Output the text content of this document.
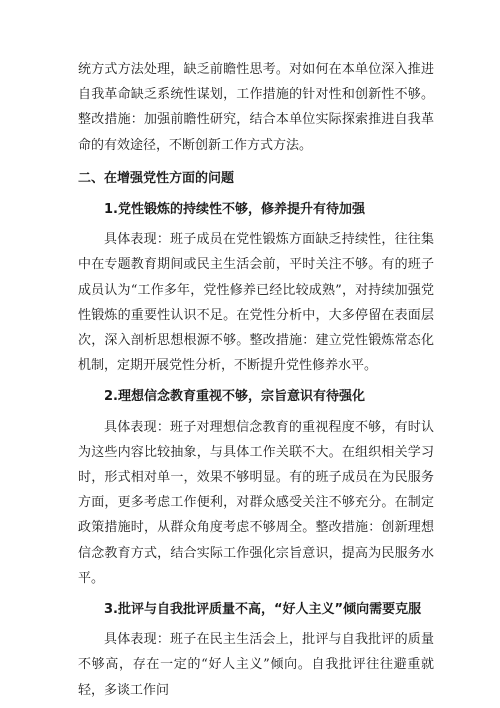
统方式方法处理，缺乏前瞻性思考。对如何在本单位深入推进自我革命缺乏系统性谋划，工作措施的针对性和创新性不够。整改措施：加强前瞻性研究，结合本单位实际探索推进自我革命的有效途径，不断创新工作方式方法。

二、在增强党性方面的问题
1.党性锻炼的持续性不够，修养提升有待加强

具体表现：班子成员在党性锻炼方面缺乏持续性，往往集中在专题教育期间或民主生活会前，平时关注不够。有的班子成员认为“工作多年，党性修养已经比较成熟”，对持续加强党性锻炼的重要性认识不足。在党性分析中，大多停留在表面层次，深入剖析思想根源不够。整改措施：建立党性锻炼常态化机制，定期开展党性分析，不断提升党性修养水平。

2.理想信念教育重视不够，宗旨意识有待强化

具体表现：班子对理想信念教育的重视程度不够，有时认为这些内容比较抽象，与具体工作关联不大。在组织相关学习时，形式相对单一，效果不够明显。有的班子成员在为民服务方面，更多考虑工作便利，对群众感受关注不够充分。在制定政策措施时，从群众角度考虑不够周全。整改措施：创新理想信念教育方式，结合实际工作强化宗旨意识，提高为民服务水平。

3.批评与自我批评质量不高，“好人主义”倾向需要克服

具体表现：班子在民主生活会上，批评与自我批评的质量不够高，存在一定的“好人主义”倾向。自我批评往往避重就轻，多谈工作问
